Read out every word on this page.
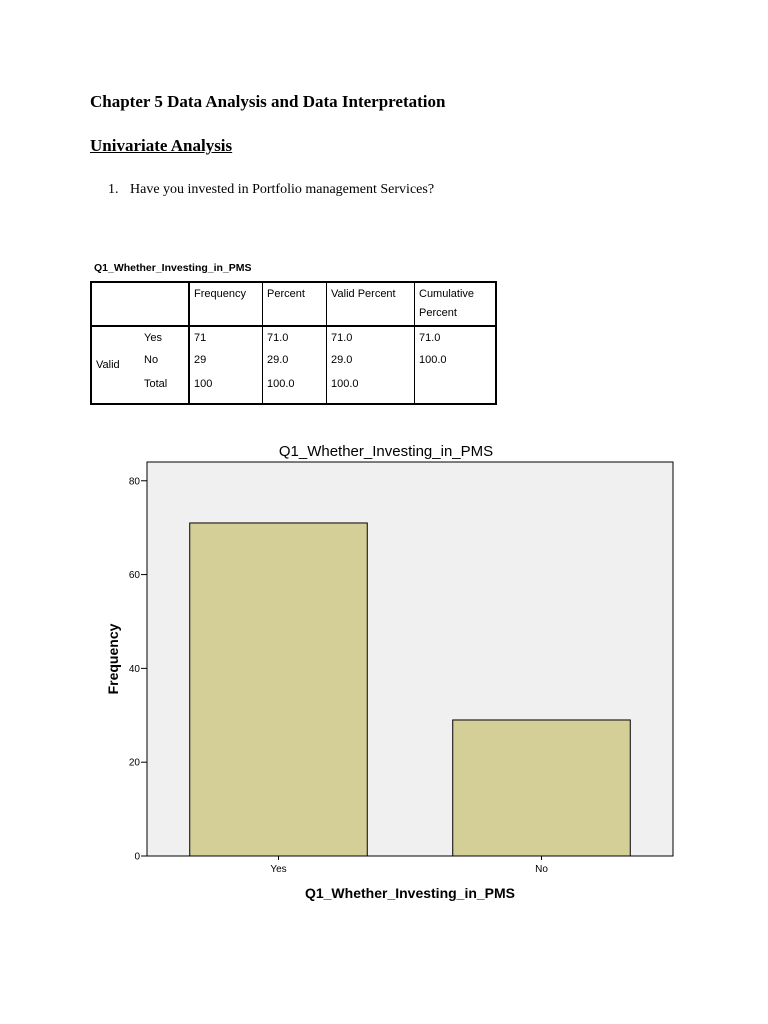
Chapter 5 Data Analysis and Data Interpretation
Univariate Analysis
1. Have you invested in Portfolio management Services?
Q1_Whether_Investing_in_PMS
		Frequency	Percent	Valid Percent	Cumulative Percent
Valid	Yes	71	71.0	71.0	71.0
	No	29	29.0	29.0	100.0
	Total	100	100.0	100.0	
Q1_Whether_Investing_in_PMS
0
20
40
60
80
Yes	No
Q1_Whether_Investing_in_PMS
Frequency
